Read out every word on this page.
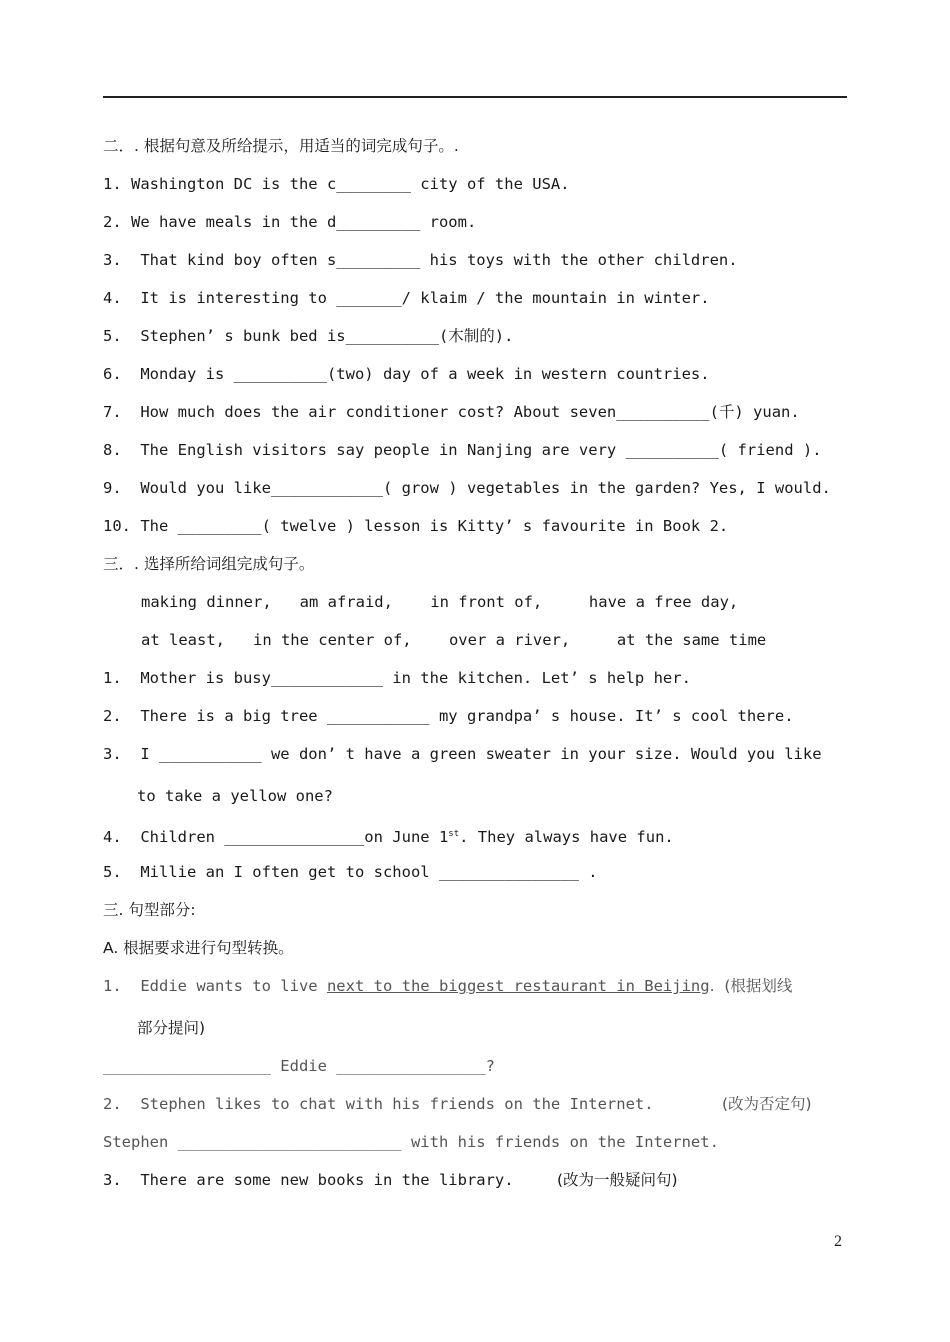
二．. 根据句意及所给提示，用适当的词完成句子。.
1. Washington DC is the c________ city of the USA.
2. We have meals in the d_________ room.
3.  That kind boy often s_________ his toys with the other children.
4.  It is interesting to _______/ klaim / the mountain in winter.
5.  Stephen’ s bunk bed is__________(木制的).
6.  Monday is __________(two) day of a week in western countries.
7.  How much does the air conditioner cost? About seven__________(千) yuan.
8.  The English visitors say people in Nanjing are very __________( friend ).
9.  Would you like____________( grow ) vegetables in the garden? Yes, I would.
10. The _________( twelve ) lesson is Kitty’ s favourite in Book 2.
三．. 选择所给词组完成句子。
making dinner,   am afraid,    in front of,     have a free day,
at least,   in the center of,    over a river,     at the same time
1.  Mother is busy____________ in the kitchen. Let’ s help her.
2.  There is a big tree ___________ my grandpa’ s house. It’ s cool there.
3.  I ___________ we don’ t have a green sweater in your size. Would you like
to take a yellow one?
4.  Children _______________on June 1st. They always have fun.
5.  Millie an I often get to school _______________ .
三. 句型部分:
A. 根据要求进行句型转换。
1.  Eddie wants to live next to the biggest restaurant in Beijing.  (根据划线
部分提问)
__________________ Eddie ________________?
2.  Stephen likes to chat with his friends on the Internet.	(改为否定句)
Stephen ________________________ with his friends on the Internet.
3.  There are some new books in the library.	(改为一般疑问句)
2
